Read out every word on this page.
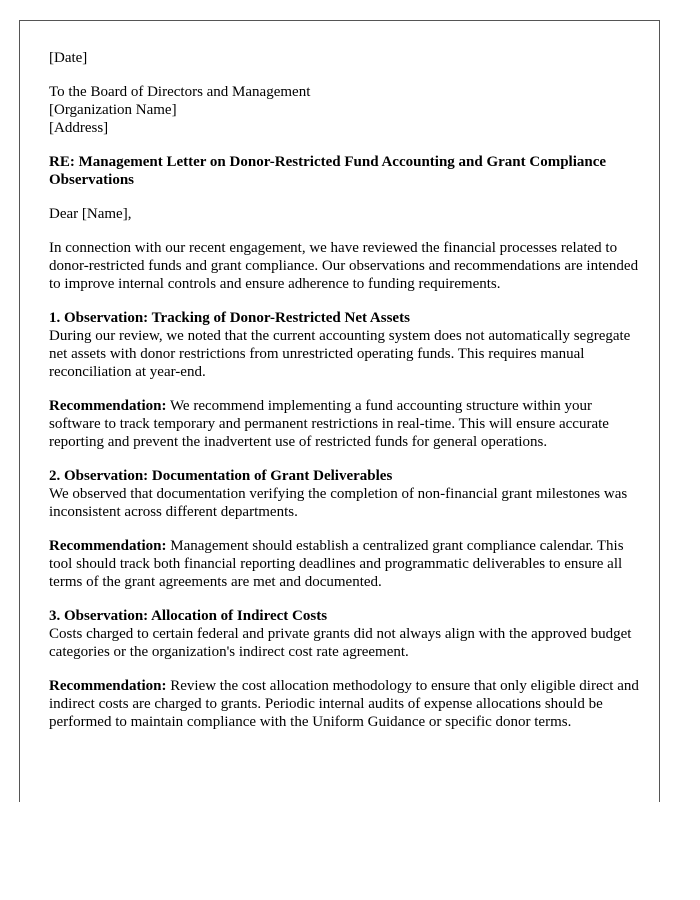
[Date]

To the Board of Directors and Management
[Organization Name]
[Address]

RE: Management Letter on Donor-Restricted Fund Accounting and Grant Compliance Observations

Dear [Name],

In connection with our recent engagement, we have reviewed the financial processes related to donor-restricted funds and grant compliance. Our observations and recommendations are intended to improve internal controls and ensure adherence to funding requirements.

1. Observation: Tracking of Donor-Restricted Net Assets
During our review, we noted that the current accounting system does not automatically segregate net assets with donor restrictions from unrestricted operating funds. This requires manual reconciliation at year-end.

Recommendation: We recommend implementing a fund accounting structure within your software to track temporary and permanent restrictions in real-time. This will ensure accurate reporting and prevent the inadvertent use of restricted funds for general operations.

2. Observation: Documentation of Grant Deliverables
We observed that documentation verifying the completion of non-financial grant milestones was inconsistent across different departments.

Recommendation: Management should establish a centralized grant compliance calendar. This tool should track both financial reporting deadlines and programmatic deliverables to ensure all terms of the grant agreements are met and documented.

3. Observation: Allocation of Indirect Costs
Costs charged to certain federal and private grants did not always align with the approved budget categories or the organization's indirect cost rate agreement.

Recommendation: Review the cost allocation methodology to ensure that only eligible direct and indirect costs are charged to grants. Periodic internal audits of expense allocations should be performed to maintain compliance with the Uniform Guidance or specific donor terms.
